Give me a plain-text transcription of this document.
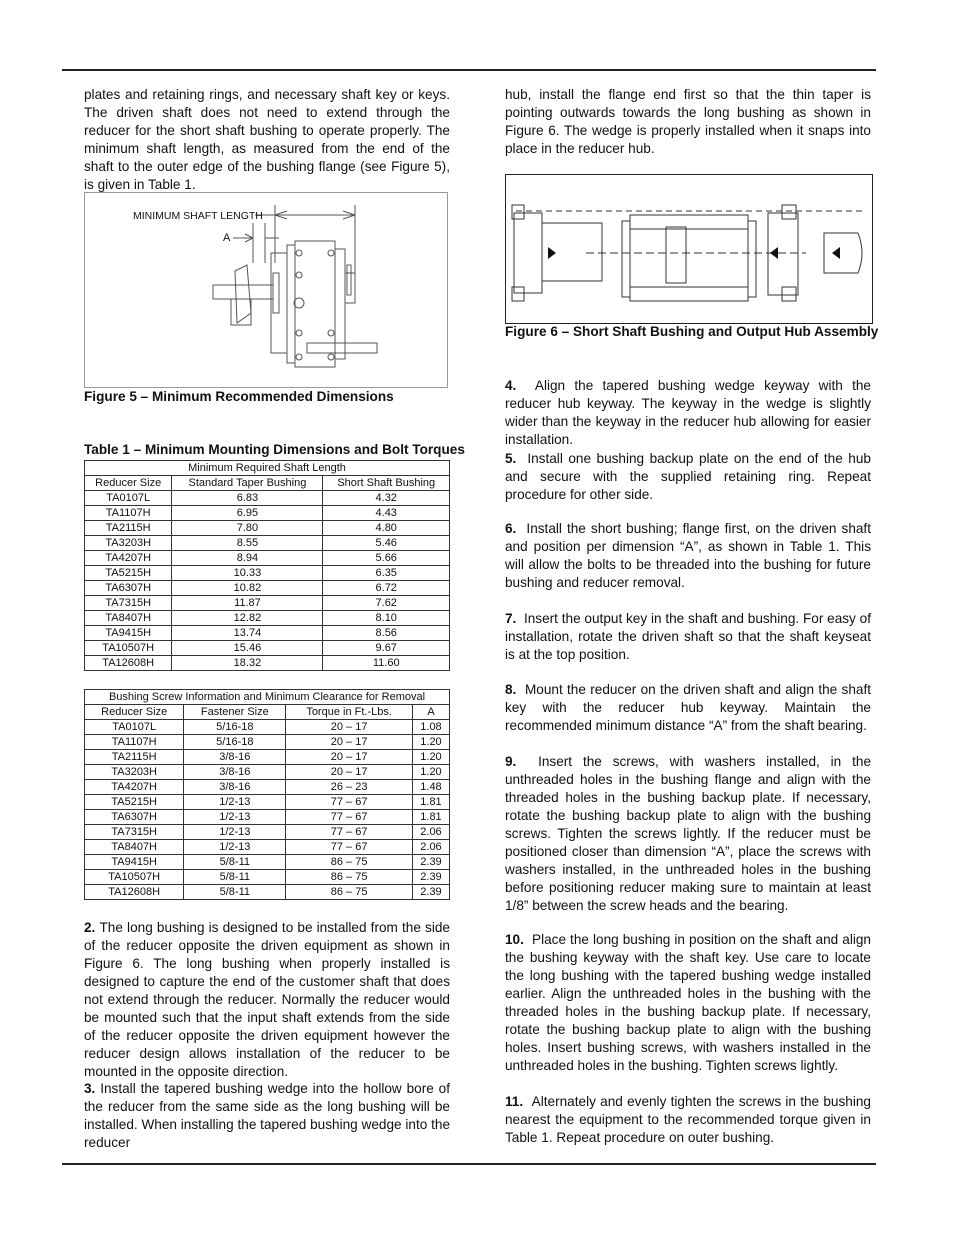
plates and retaining rings, and necessary shaft key or keys. The driven shaft does not need to extend through the reducer for the short shaft bushing to operate properly. The minimum shaft length, as measured from the end of the shaft to the outer edge of the bushing flange (see Figure 5), is given in Table 1.

MINIMUM SHAFT LENGTH
A
Figure 5 – Minimum Recommended Dimensions
Table 1 – Minimum Mounting Dimensions and Bolt Torques
Minimum Required Shaft Length		
Reducer Size	Standard Taper Bushing	Short Shaft Bushing
TA0107L	6.83	4.32
TA1107H	6.95	4.43
TA2115H	7.80	4.80
TA3203H	8.55	5.46
TA4207H	8.94	5.66
TA5215H	10.33	6.35
TA6307H	10.82	6.72
TA7315H	11.87	7.62
TA8407H	12.82	8.10
TA9415H	13.74	8.56
TA10507H	15.46	9.67
TA12608H	18.32	11.60
Bushing Screw Information and Minimum Clearance for Removal			
Reducer Size	Fastener Size	Torque in Ft.-Lbs.	A
TA0107L	5/16-18	20 – 17	1.08
TA1107H	5/16-18	20 – 17	1.20
TA2115H	3/8-16	20 – 17	1.20
TA3203H	3/8-16	20 – 17	1.20
TA4207H	3/8-16	26 – 23	1.48
TA5215H	1/2-13	77 – 67	1.81
TA6307H	1/2-13	77 – 67	1.81
TA7315H	1/2-13	77 – 67	2.06
TA8407H	1/2-13	77 – 67	2.06
TA9415H	5/8-11	86 – 75	2.39
TA10507H	5/8-11	86 – 75	2.39
TA12608H	5/8-11	86 – 75	2.39

2. The long bushing is designed to be installed from the side of the reducer opposite the driven equipment as shown in Figure 6. The long bushing when properly installed is designed to capture the end of the customer shaft that does not extend through the reducer. Normally the reducer would be mounted such that the input shaft extends from the side of the reducer opposite the driven equipment however the reducer design allows installation of the reducer to be mounted in the opposite direction.

3. Install the tapered bushing wedge into the hollow bore of the reducer from the same side as the long bushing will be installed. When installing the tapered bushing wedge into the reducer

hub, install the flange end first so that the thin taper is pointing outwards towards the long bushing as shown in Figure 6. The wedge is properly installed when it snaps into place in the reducer hub.

Figure 6 – Short Shaft Bushing and Output Hub Assembly

4. Align the tapered bushing wedge keyway with the reducer hub keyway. The keyway in the wedge is slightly wider than the keyway in the reducer hub allowing for easier installation.

5. Install one bushing backup plate on the end of the hub and secure with the supplied retaining ring. Repeat procedure for other side.

6. Install the short bushing; flange first, on the driven shaft and position per dimension “A”, as shown in Table 1. This will allow the bolts to be threaded into the bushing for future bushing and reducer removal.

7. Insert the output key in the shaft and bushing. For easy of installation, rotate the driven shaft so that the shaft keyseat is at the top position.

8. Mount the reducer on the driven shaft and align the shaft key with the reducer hub keyway. Maintain the recommended minimum distance “A” from the shaft bearing.

9. Insert the screws, with washers installed, in the unthreaded holes in the bushing flange and align with the threaded holes in the bushing backup plate. If necessary, rotate the bushing backup plate to align with the bushing screws. Tighten the screws lightly. If the reducer must be positioned closer than dimension “A”, place the screws with washers installed, in the unthreaded holes in the bushing before positioning reducer making sure to maintain at least 1/8” between the screw heads and the bearing.

10. Place the long bushing in position on the shaft and align the bushing keyway with the shaft key. Use care to locate the long bushing with the tapered bushing wedge installed earlier. Align the unthreaded holes in the bushing with the threaded holes in the bushing backup plate. If necessary, rotate the bushing backup plate to align with the bushing holes. Insert bushing screws, with washers installed in the unthreaded holes in the bushing. Tighten screws lightly.

11. Alternately and evenly tighten the screws in the bushing nearest the equipment to the recommended torque given in Table 1. Repeat procedure on outer bushing.
